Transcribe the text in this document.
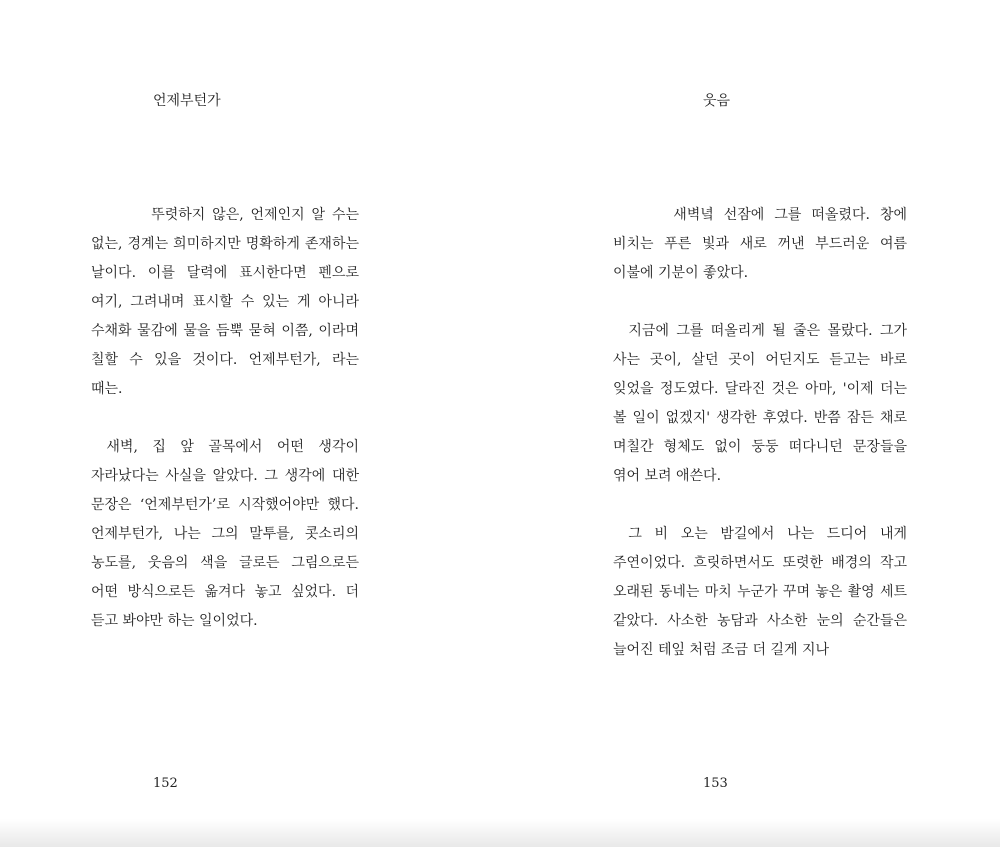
언제부턴가

뚜렷하지 않은, 언제인지 알 수는 없는, 경계는 희미하지만 명확하게 존재하는 날이다. 이를 달력에 표시한다면 펜으로 여기, 그려내며 표시할 수 있는 게 아니라 수채화 물감에 물을 듬뿍 묻혀 이쯤, 이라며 칠할 수 있을 것이다. 언제부턴가, 라는 때는.

새벽, 집 앞 골목에서 어떤 생각이 자라났다는 사실을 알았다. 그 생각에 대한 문장은 ‘언제부턴가’로 시작했어야만 했다. 언제부턴가, 나는 그의 말투를, 콧소리의 농도를, 웃음의 색을 글로든 그림으로든 어떤 방식으로든 옮겨다 놓고 싶었다. 더 듣고 봐야만 하는 일이었다.

152
웃음

새벽녘 선잠에 그를 떠올렸다. 창에 비치는 푸른 빛과 새로 꺼낸 부드러운 여름 이불에 기분이 좋았다.

지금에 그를 떠올리게 될 줄은 몰랐다. 그가 사는 곳이, 살던 곳이 어딘지도 듣고는 바로 잊었을 정도였다. 달라진 것은 아마, '이제 더는 볼 일이 없겠지' 생각한 후였다. 반쯤 잠든 채로 며칠간 형체도 없이 둥둥 떠다니던 문장들을 엮어 보려 애쓴다.

그 비 오는 밤길에서 나는 드디어 내게 주연이었다. 흐릿하면서도 또렷한 배경의 작고 오래된 동네는 마치 누군가 꾸며 놓은 촬영 세트 같았다. 사소한 농담과 사소한 눈의 순간들은 늘어진 테잎 처럼 조금 더 길게 지나

153
